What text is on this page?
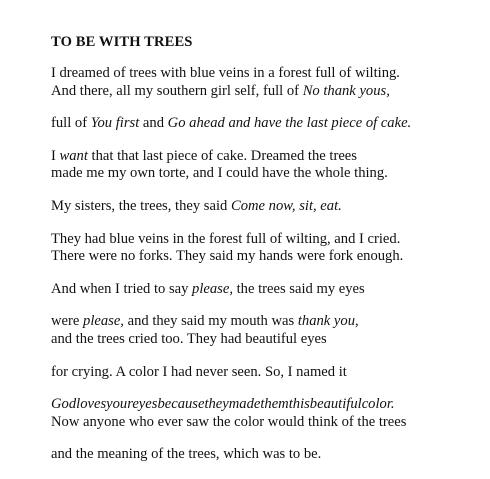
TO BE WITH TREES
I dreamed of trees with blue veins in a forest full of wilting.
And there, all my southern girl self, full of No thank yous,
full of You first and Go ahead and have the last piece of cake.
I want that that last piece of cake. Dreamed the trees
made me my own torte, and I could have the whole thing.
My sisters, the trees, they said Come now, sit, eat.
They had blue veins in the forest full of wilting, and I cried.
There were no forks. They said my hands were fork enough.
And when I tried to say please, the trees said my eyes
were please, and they said my mouth was thank you,
and the trees cried too. They had beautiful eyes
for crying. A color I had never seen. So, I named it
Godlovesyoureyesbecausetheymadethemthisbeautifulcolor.
Now anyone who ever saw the color would think of the trees
and the meaning of the trees, which was to be.
